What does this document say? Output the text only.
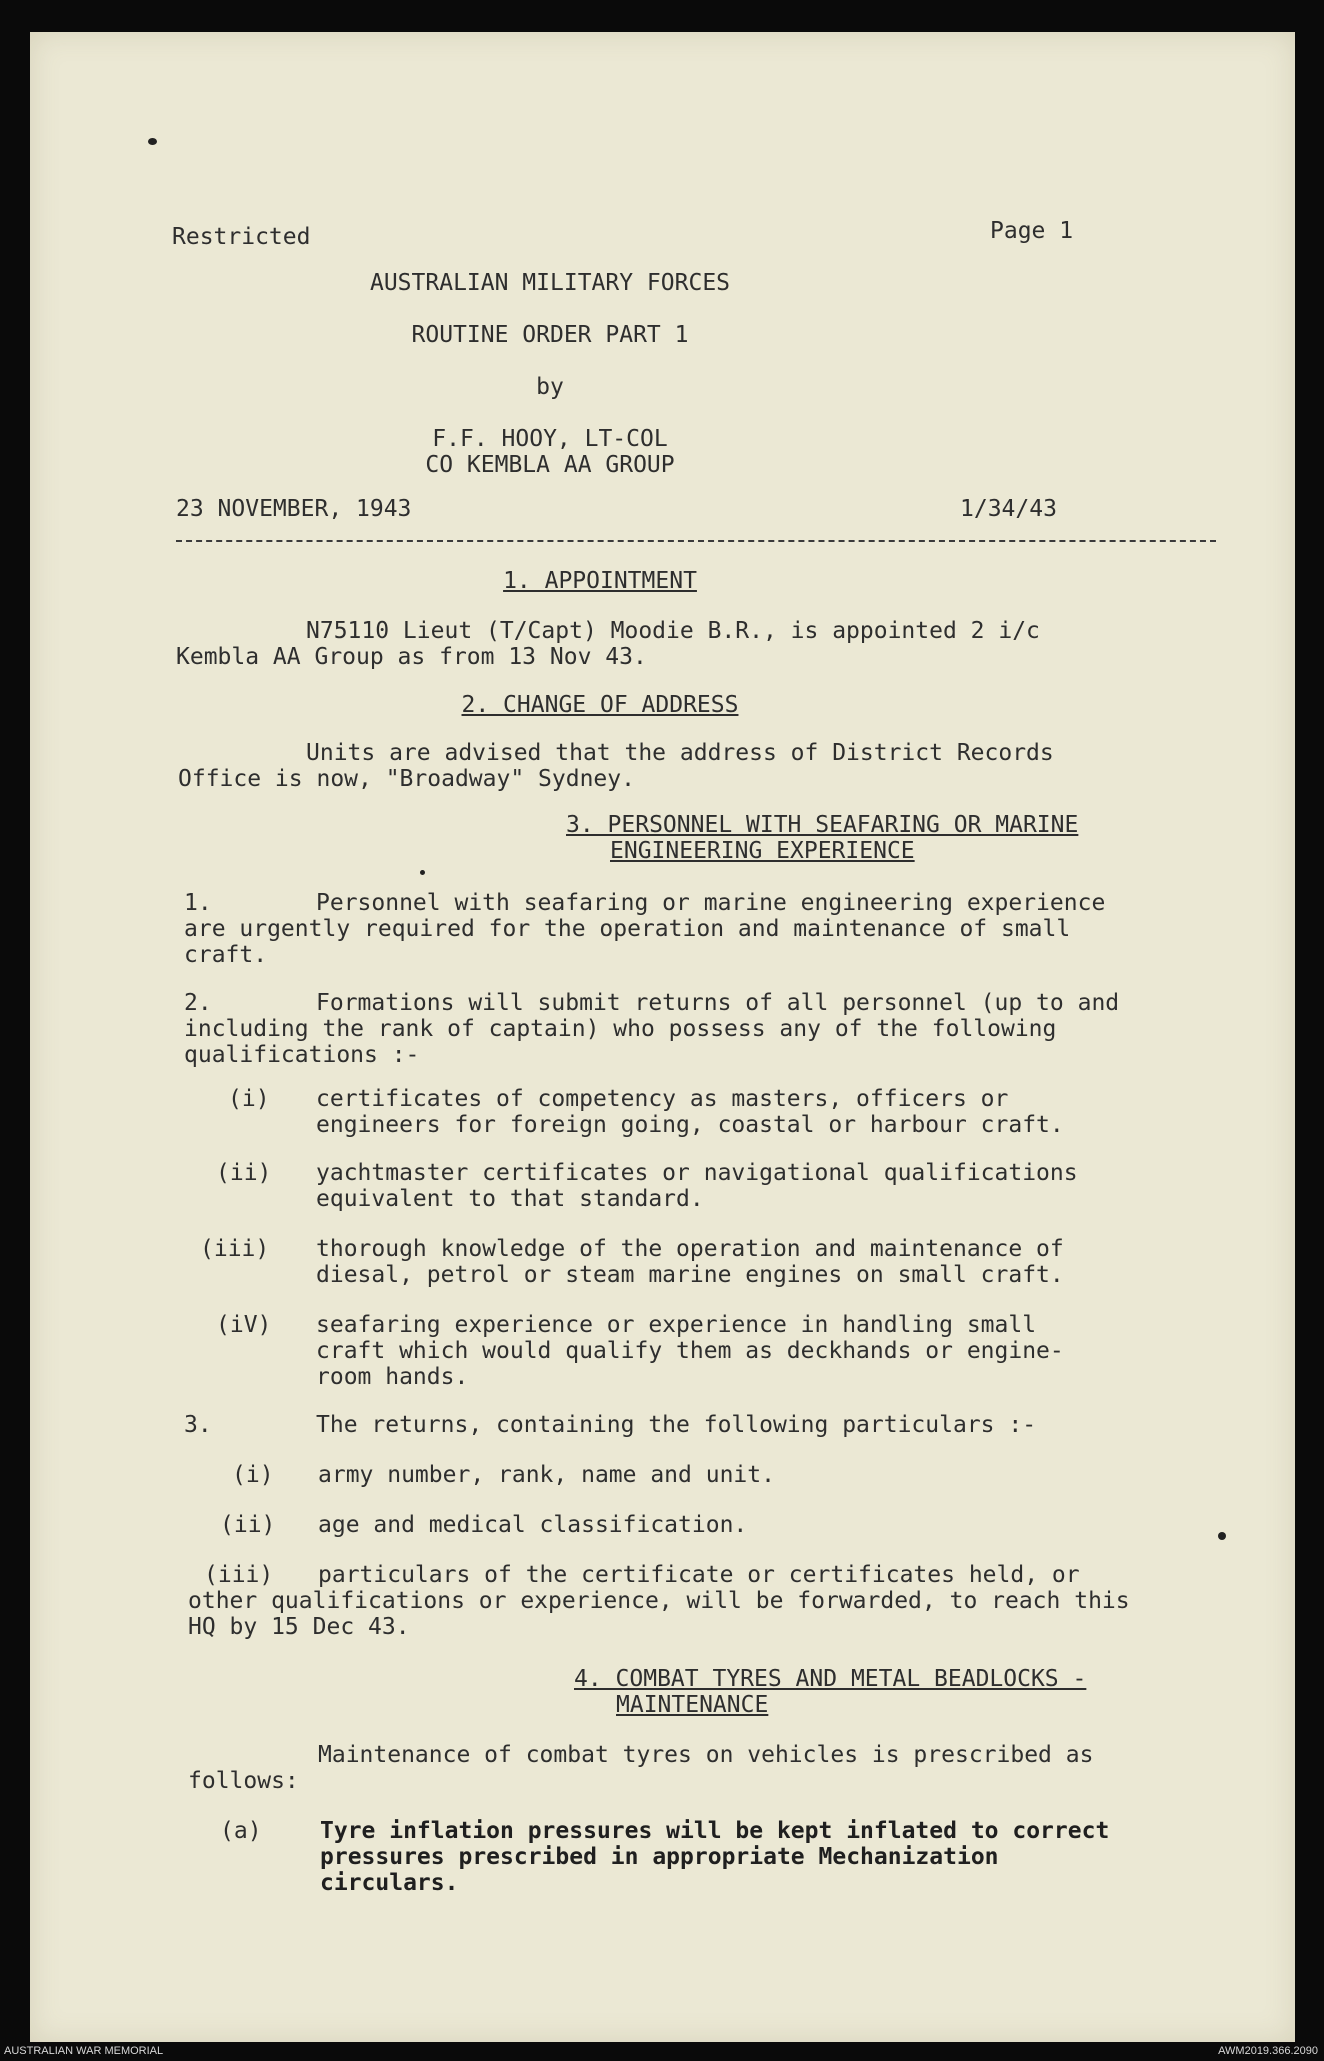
Restricted	Page 1
AUSTRALIAN MILITARY FORCES
ROUTINE ORDER PART 1
by
F.F. HOOY, LT-COL
CO KEMBLA AA GROUP
23 NOVEMBER, 1943	1/34/43
1. APPOINTMENT
N75110 Lieut (T/Capt) Moodie B.R., is appointed 2 i/c
Kembla AA Group as from 13 Nov 43.
2. CHANGE OF ADDRESS
Units are advised that the address of District Records
Office is now, "Broadway" Sydney.
3. PERSONNEL WITH SEAFARING OR MARINE
ENGINEERING EXPERIENCE
1.	Personnel with seafaring or marine engineering experience
are urgently required for the operation and maintenance of small
craft.
2.	Formations will submit returns of all personnel (up to and
including the rank of captain) who possess any of the following
qualifications :-
(i) certificates of competency as masters, officers or
engineers for foreign going, coastal or harbour craft.
(ii) yachtmaster certificates or navigational qualifications
equivalent to that standard.
(iii) thorough knowledge of the operation and maintenance of
diesal, petrol or steam marine engines on small craft.
(iV) seafaring experience or experience in handling small
craft which would qualify them as deckhands or engine-
room hands.
3.	The returns, containing the following particulars :-
(i) army number, rank, name and unit.
(ii) age and medical classification.
(iii) particulars of the certificate or certificates held, or
other qualifications or experience, will be forwarded, to reach this
HQ by 15 Dec 43.
4. COMBAT TYRES AND METAL BEADLOCKS -
MAINTENANCE
Maintenance of combat tyres on vehicles is prescribed as
follows:
(a)	Tyre inflation pressures will be kept inflated to correct
pressures prescribed in appropriate Mechanization
circulars.
AUSTRALIAN WAR MEMORIAL	AWM2019.366.2090
